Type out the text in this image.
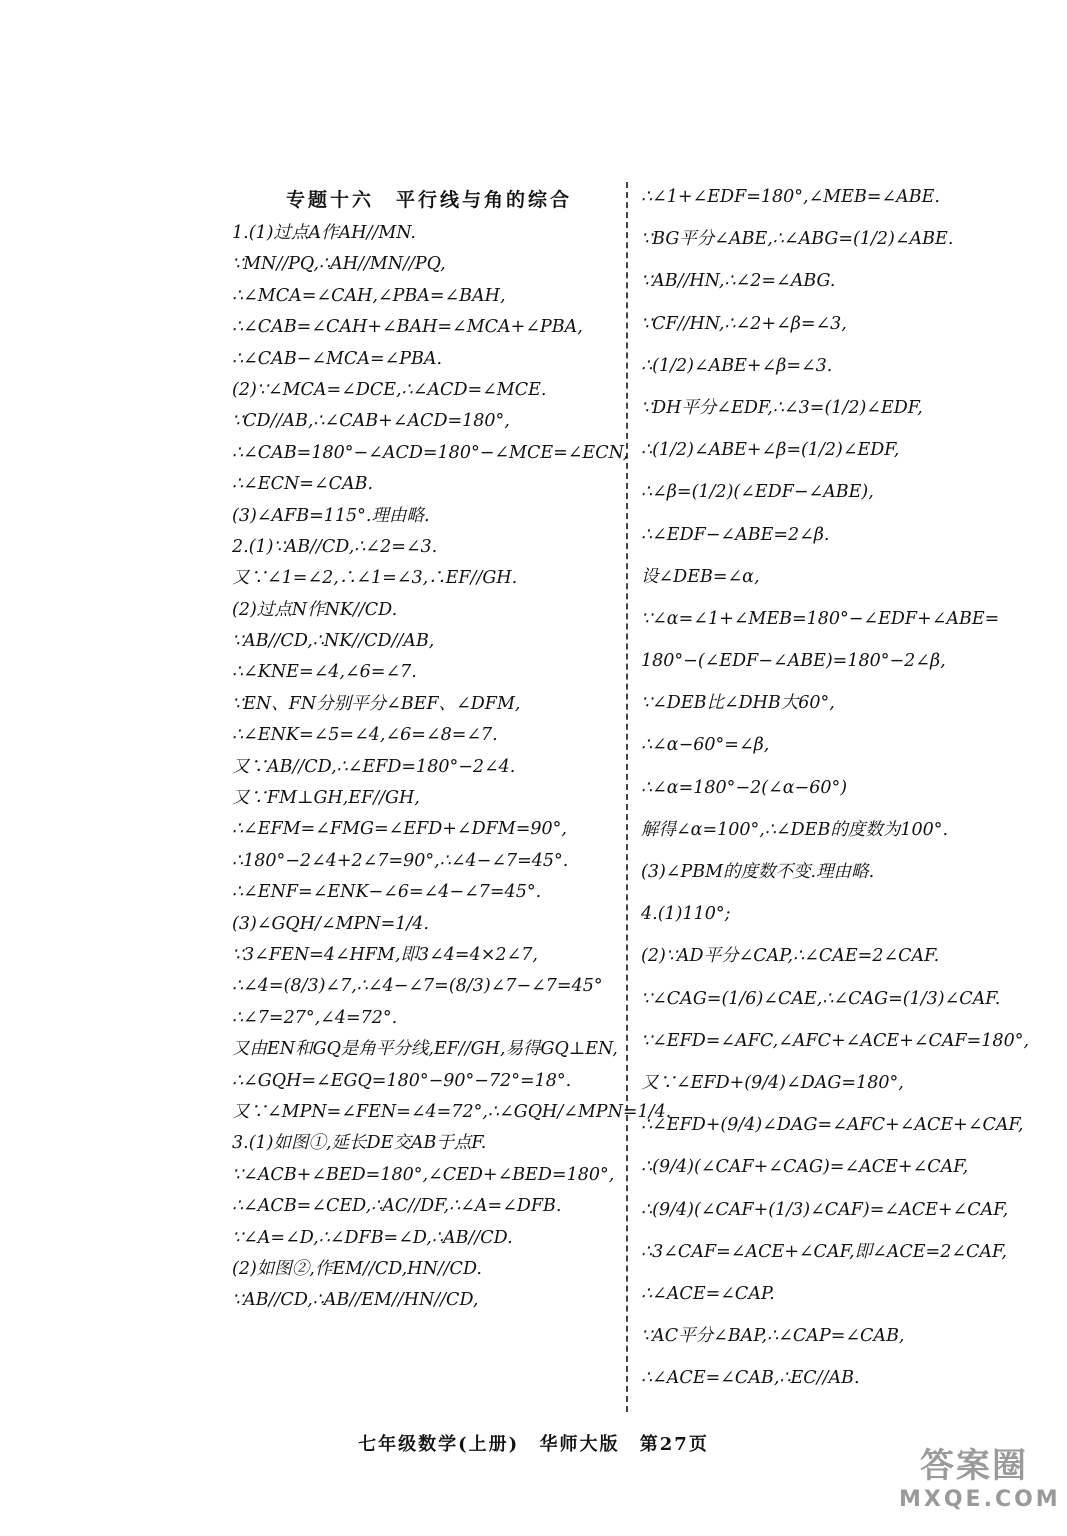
专题十六　平行线与角的综合
1.(1)过点A作AH//MN.
∵MN//PQ,∴AH//MN//PQ,
∴∠MCA=∠CAH,∠PBA=∠BAH,
∴∠CAB=∠CAH+∠BAH=∠MCA+∠PBA,
∴∠CAB−∠MCA=∠PBA.
(2)∵∠MCA=∠DCE,∴∠ACD=∠MCE.
∵CD//AB,∴∠CAB+∠ACD=180°,
∴∠CAB=180°−∠ACD=180°−∠MCE=∠ECN,
∴∠ECN=∠CAB.
(3)∠AFB=115°.理由略.
2.(1)∵AB//CD,∴∠2=∠3.
又∵∠1=∠2,∴∠1=∠3,∴EF//GH.
(2)过点N作NK//CD.
∵AB//CD,∴NK//CD//AB,
∴∠KNE=∠4,∠6=∠7.
∵EN、FN分别平分∠BEF、∠DFM,
∴∠ENK=∠5=∠4,∠6=∠8=∠7.
又∵AB//CD,∴∠EFD=180°−2∠4.
又∵FM⊥GH,EF//GH,
∴∠EFM=∠FMG=∠EFD+∠DFM=90°,
∴180°−2∠4+2∠7=90°,∴∠4−∠7=45°.
∴∠ENF=∠ENK−∠6=∠4−∠7=45°.
(3)∠GQH/∠MPN=1/4.
∵3∠FEN=4∠HFM,即3∠4=4×2∠7,
∴∠4=(8/3)∠7,∴∠4−∠7=(8/3)∠7−∠7=45°
∴∠7=27°,∠4=72°.
又由EN和GQ是角平分线,EF//GH,易得GQ⊥EN,
∴∠GQH=∠EGQ=180°−90°−72°=18°.
又∵∠MPN=∠FEN=∠4=72°,∴∠GQH/∠MPN=1/4.
3.(1)如图①,延长DE交AB于点F.
∵∠ACB+∠BED=180°,∠CED+∠BED=180°,
∴∠ACB=∠CED,∴AC//DF,∴∠A=∠DFB.
∵∠A=∠D,∴∠DFB=∠D,∴AB//CD.
(2)如图②,作EM//CD,HN//CD.
∵AB//CD,∴AB//EM//HN//CD,
∴∠1+∠EDF=180°,∠MEB=∠ABE.
∵BG平分∠ABE,∴∠ABG=(1/2)∠ABE.
∵AB//HN,∴∠2=∠ABG.
∵CF//HN,∴∠2+∠β=∠3,
∴(1/2)∠ABE+∠β=∠3.
∵DH平分∠EDF,∴∠3=(1/2)∠EDF,
∴(1/2)∠ABE+∠β=(1/2)∠EDF,
∴∠β=(1/2)(∠EDF−∠ABE),
∴∠EDF−∠ABE=2∠β.
设∠DEB=∠α,
∵∠α=∠1+∠MEB=180°−∠EDF+∠ABE=
180°−(∠EDF−∠ABE)=180°−2∠β,
∵∠DEB比∠DHB大60°,
∴∠α−60°=∠β,
∴∠α=180°−2(∠α−60°)
解得∠α=100°,∴∠DEB的度数为100°.
(3)∠PBM的度数不变.理由略.
4.(1)110°;
(2)∵AD平分∠CAP,∴∠CAE=2∠CAF.
∵∠CAG=(1/6)∠CAE,∴∠CAG=(1/3)∠CAF.
∵∠EFD=∠AFC,∠AFC+∠ACE+∠CAF=180°,
又∵∠EFD+(9/4)∠DAG=180°,
∴∠EFD+(9/4)∠DAG=∠AFC+∠ACE+∠CAF,
∴(9/4)(∠CAF+∠CAG)=∠ACE+∠CAF,
∴(9/4)(∠CAF+(1/3)∠CAF)=∠ACE+∠CAF,
∴3∠CAF=∠ACE+∠CAF,即∠ACE=2∠CAF,
∴∠ACE=∠CAP.
∵AC平分∠BAP,∴∠CAP=∠CAB,
∴∠ACE=∠CAB,∴EC//AB.
七年级数学(上册) 华师大版 第27页
答案圈
MXQE.COM
